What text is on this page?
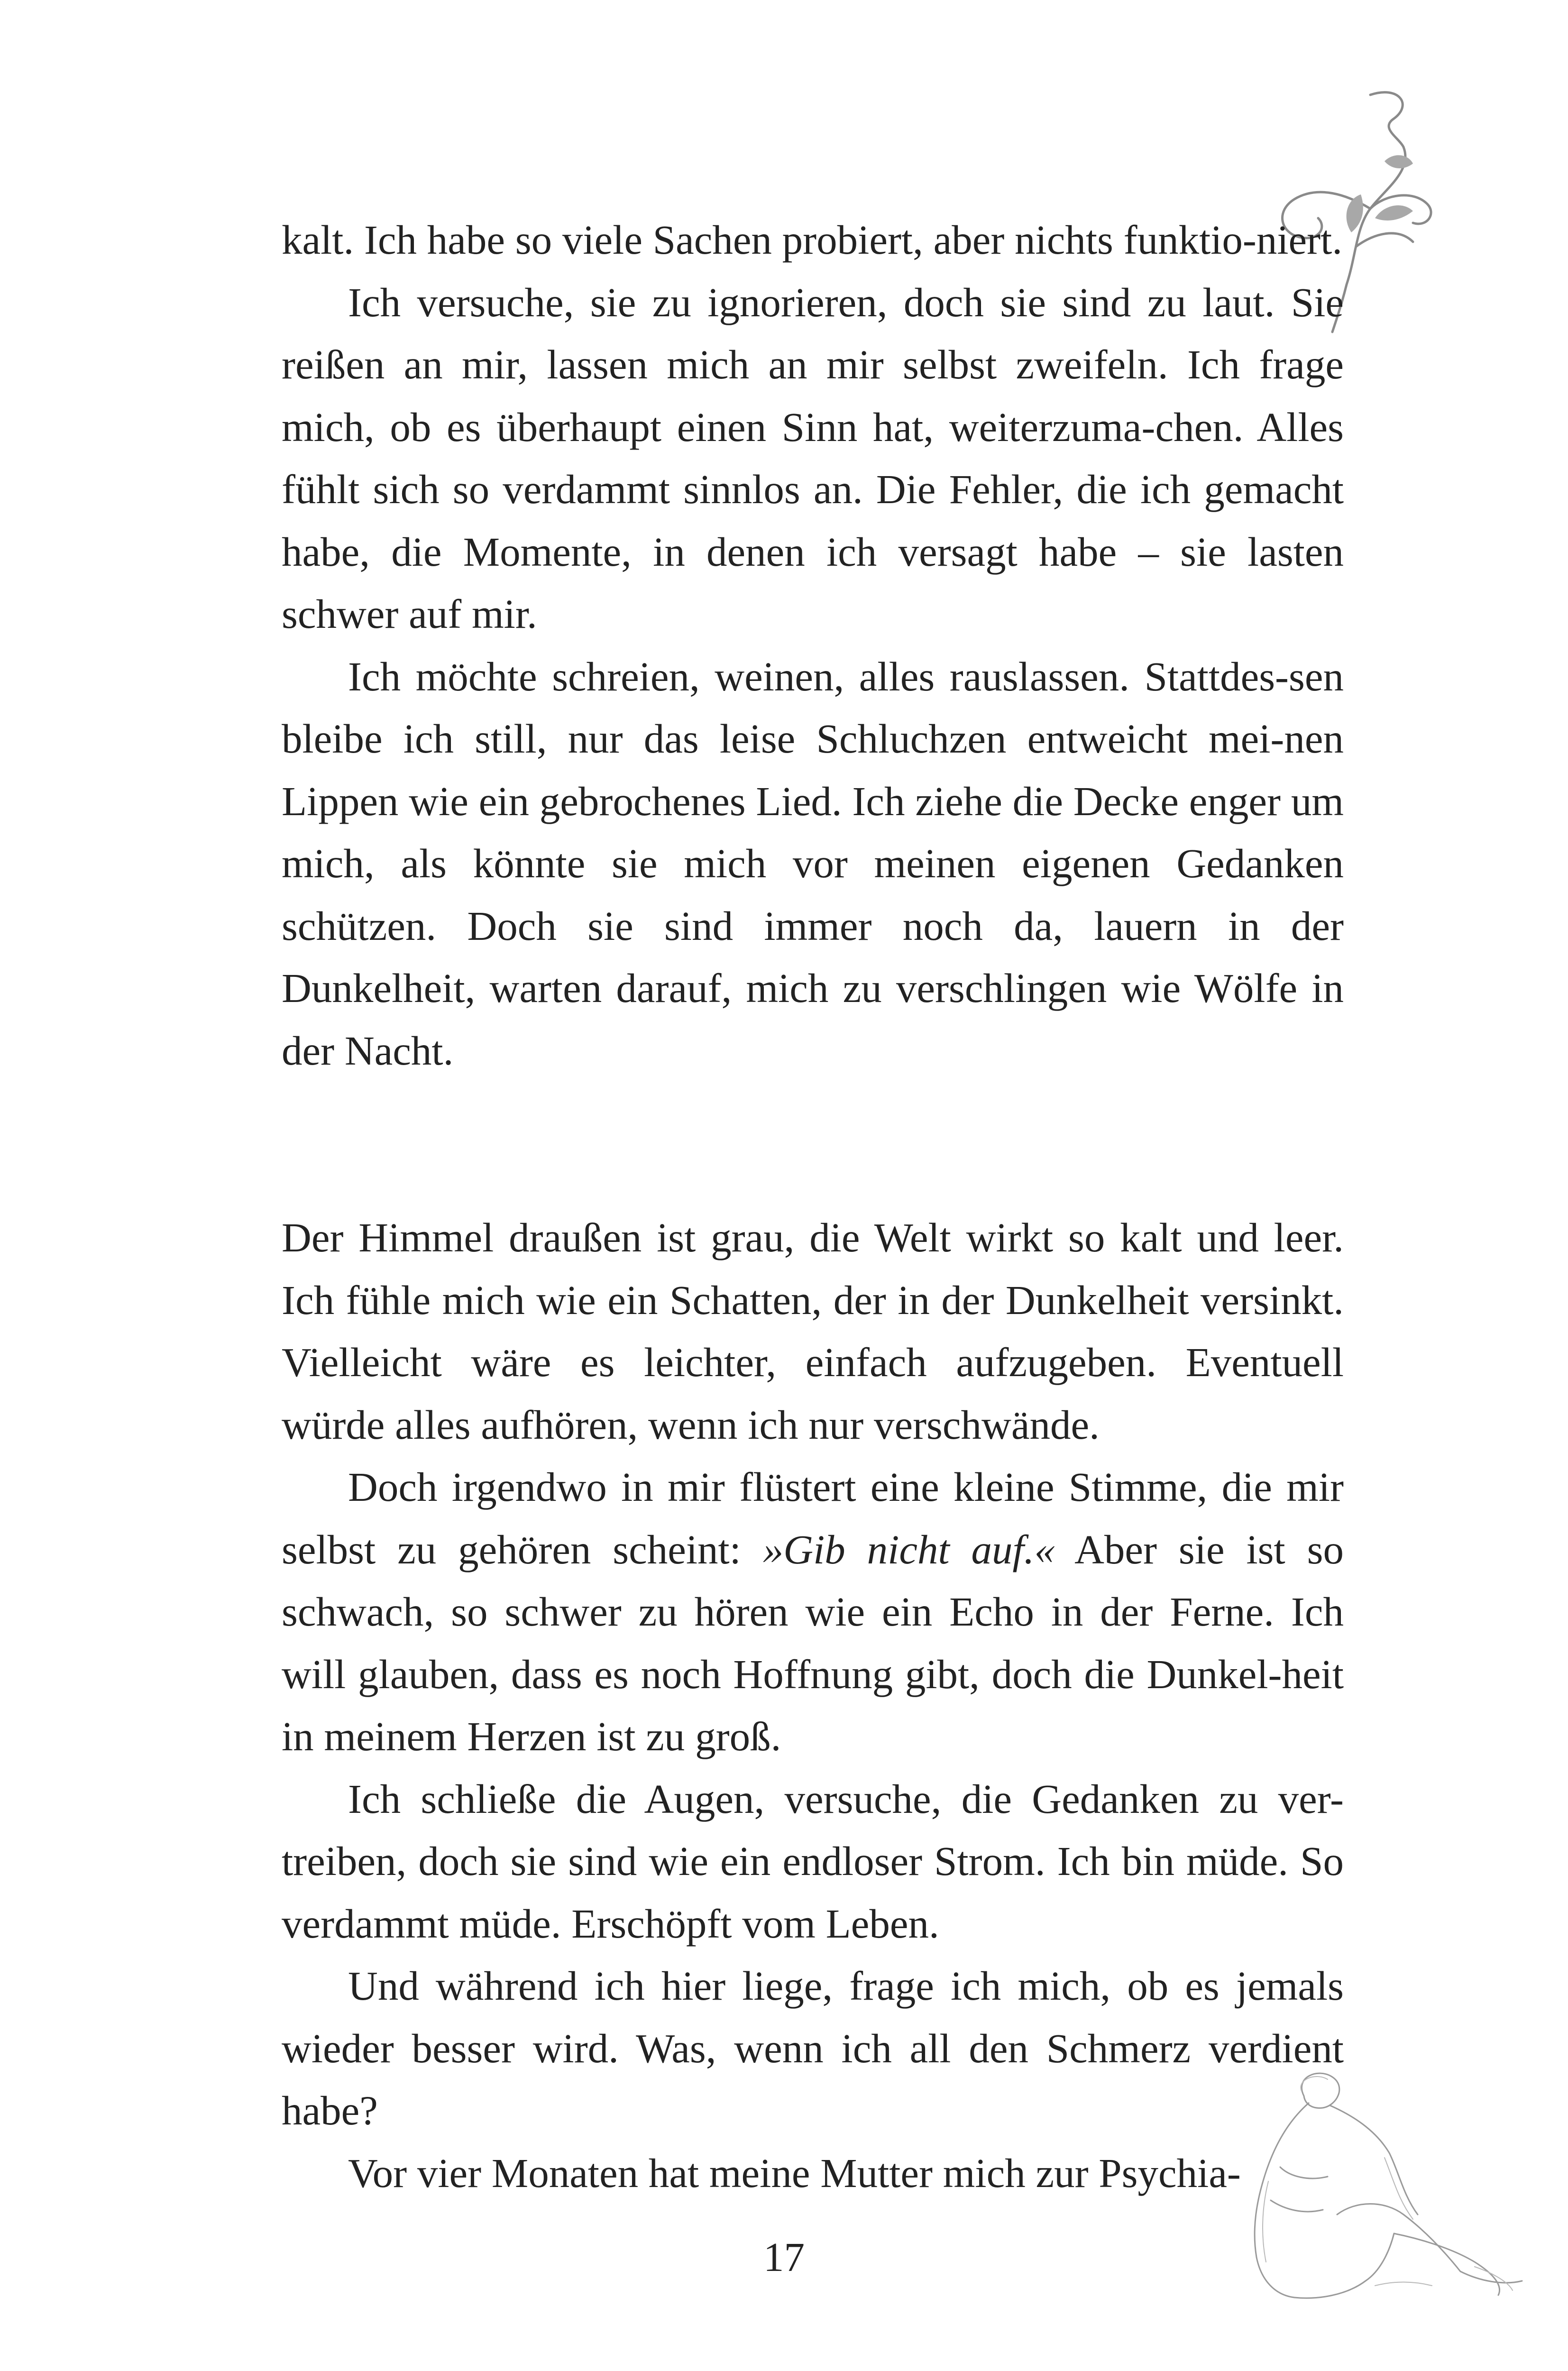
kalt. Ich habe so viele Sachen probiert, aber nichts funktio-niert.

Ich versuche, sie zu ignorieren, doch sie sind zu laut. Sie reißen an mir, lassen mich an mir selbst zweifeln. Ich frage mich, ob es überhaupt einen Sinn hat, weiterzuma-chen. Alles fühlt sich so verdammt sinnlos an. Die Fehler, die ich gemacht habe, die Momente, in denen ich versagt habe – sie lasten schwer auf mir.

Ich möchte schreien, weinen, alles rauslassen. Stattdes-sen bleibe ich still, nur das leise Schluchzen entweicht mei-nen Lippen wie ein gebrochenes Lied. Ich ziehe die Decke enger um mich, als könnte sie mich vor meinen eigenen Gedanken schützen. Doch sie sind immer noch da, lauern in der Dunkelheit, warten darauf, mich zu verschlingen wie Wölfe in der Nacht.

Der Himmel draußen ist grau, die Welt wirkt so kalt und leer. Ich fühle mich wie ein Schatten, der in der Dunkelheit versinkt. Vielleicht wäre es leichter, einfach aufzugeben. Eventuell würde alles aufhören, wenn ich nur verschwände.

Doch irgendwo in mir flüstert eine kleine Stimme, die mir selbst zu gehören scheint: »Gib nicht auf.« Aber sie ist so schwach, so schwer zu hören wie ein Echo in der Ferne. Ich will glauben, dass es noch Hoffnung gibt, doch die Dunkel-heit in meinem Herzen ist zu groß.

Ich schließe die Augen, versuche, die Gedanken zu ver-treiben, doch sie sind wie ein endloser Strom. Ich bin müde. So verdammt müde. Erschöpft vom Leben.

Und während ich hier liege, frage ich mich, ob es jemals wieder besser wird. Was, wenn ich all den Schmerz verdient habe?

Vor vier Monaten hat meine Mutter mich zur Psychia-

17
